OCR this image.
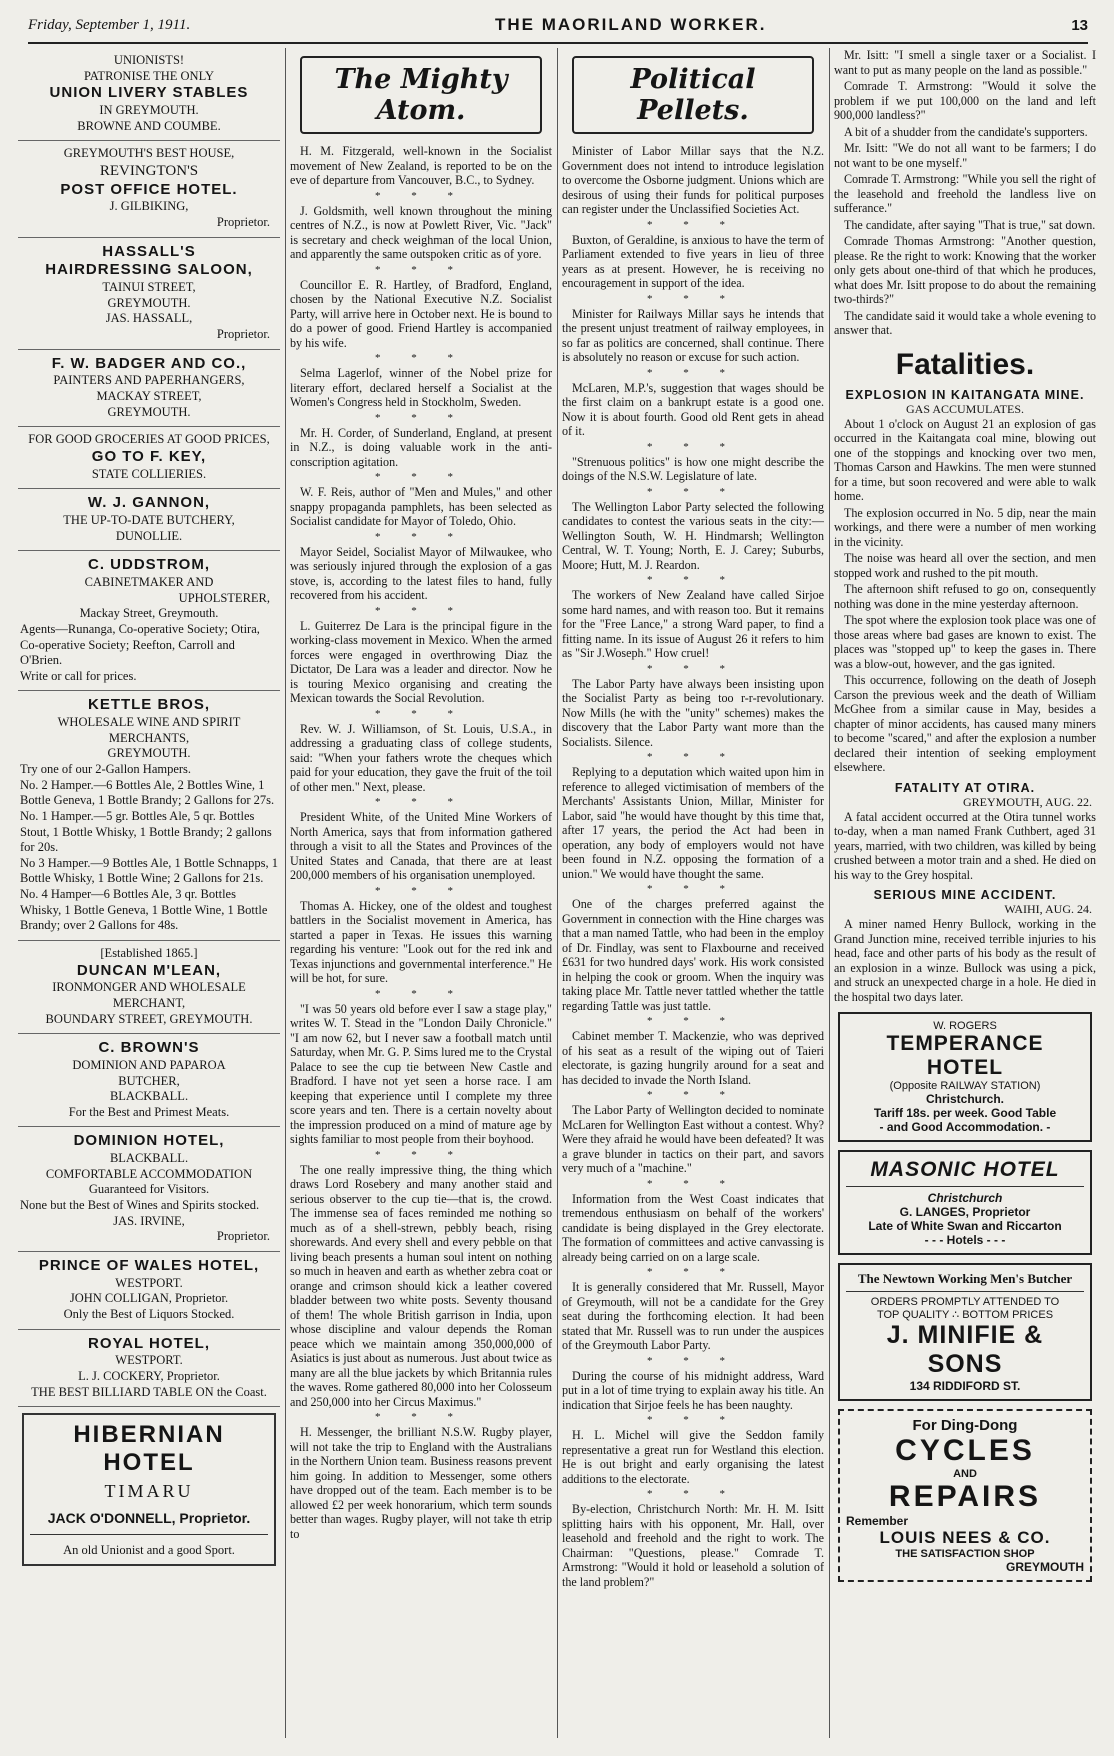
Friday, September 1, 1911.	THE MAORILAND WORKER.	13
UNIONISTS!
PATRONISE THE ONLY
UNION LIVERY STABLES
IN GREYMOUTH.
BROWNE AND COUMBE.
GREYMOUTH'S BEST HOUSE,
REVINGTON'S
POST OFFICE HOTEL.
J. GILBIKING,
Proprietor.
HASSALL'S
HAIRDRESSING SALOON,
TAINUI STREET,
GREYMOUTH.
JAS. HASSALL,
Proprietor.
F. W. BADGER AND CO.,
PAINTERS AND PAPERHANGERS,
MACKAY STREET,
GREYMOUTH.
FOR GOOD GROCERIES AT GOOD PRICES,
GO TO F. KEY,
STATE COLLIERIES.
W. J. GANNON,
THE UP-TO-DATE BUTCHERY,
DUNOLLIE.
C. UDDSTROM,
CABINETMAKER AND
UPHOLSTERER,
Mackay Street, Greymouth.
Agents—Runanga, Co-operative Society; Otira, Co-operative Society; Reefton, Carroll and O'Brien.
Write or call for prices.
KETTLE BROS,
WHOLESALE WINE AND SPIRIT MERCHANTS,
GREYMOUTH.
Try one of our 2-Gallon Hampers.
No. 2 Hamper.—6 Bottles Ale, 2 Bottles Wine, 1 Bottle Geneva, 1 Bottle Brandy; 2 Gallons for 27s.
No. 1 Hamper.—5 gr. Bottles Ale, 5 qr. Bottles Stout, 1 Bottle Whisky, 1 Bottle Brandy; 2 gallons for 20s.
No 3 Hamper.—9 Bottles Ale, 1 Bottle Schnapps, 1 Bottle Whisky, 1 Bottle Wine; 2 Gallons for 21s.
No. 4 Hamper—6 Bottles Ale, 3 qr. Bottles Whisky, 1 Bottle Geneva, 1 Bottle Wine, 1 Bottle Brandy; over 2 Gallons for 48s.
[Established 1865.]
DUNCAN M'LEAN,
IRONMONGER AND WHOLESALE MERCHANT,
BOUNDARY STREET, GREYMOUTH.
C. BROWN'S
DOMINION AND PAPAROA
BUTCHER,
BLACKBALL.
For the Best and Primest Meats.
DOMINION HOTEL,
BLACKBALL.
COMFORTABLE ACCOMMODATION
Guaranteed for Visitors.
None but the Best of Wines and Spirits stocked.
JAS. IRVINE,
Proprietor.
PRINCE OF WALES HOTEL,
WESTPORT.
JOHN COLLIGAN, Proprietor.
Only the Best of Liquors Stocked.
ROYAL HOTEL,
WESTPORT.
L. J. COCKERY, Proprietor.
THE BEST BILLIARD TABLE ON the Coast.
HIBERNIAN HOTEL
TIMARU
JACK O'DONNELL, Proprietor.
An old Unionist and a good Sport.
The Mighty Atom.

H. M. Fitzgerald, well-known in the Socialist movement of New Zealand, is reported to be on the eve of departure from Vancouver, B.C., to Sydney.

* * *

J. Goldsmith, well known throughout the mining centres of N.Z., is now at Powlett River, Vic. "Jack" is secretary and check weighman of the local Union, and apparently the same outspoken critic as of yore.

* * *

Councillor E. R. Hartley, of Bradford, England, chosen by the National Executive N.Z. Socialist Party, will arrive here in October next. He is bound to do a power of good. Friend Hartley is accompanied by his wife.

* * *

Selma Lagerlof, winner of the Nobel prize for literary effort, declared herself a Socialist at the Women's Congress held in Stockholm, Sweden.

* * *

Mr. H. Corder, of Sunderland, England, at present in N.Z., is doing valuable work in the anti-conscription agitation.

* * *

W. F. Reis, author of "Men and Mules," and other snappy propaganda pamphlets, has been selected as Socialist candidate for Mayor of Toledo, Ohio.

* * *

Mayor Seidel, Socialist Mayor of Milwaukee, who was seriously injured through the explosion of a gas stove, is, according to the latest files to hand, fully recovered from his accident.

* * *

L. Guiterrez De Lara is the principal figure in the working-class movement in Mexico. When the armed forces were engaged in overthrowing Diaz the Dictator, De Lara was a leader and director. Now he is touring Mexico organising and creating the Mexican towards the Social Revolution.

* * *

Rev. W. J. Williamson, of St. Louis, U.S.A., in addressing a graduating class of college students, said: "When your fathers wrote the cheques which paid for your education, they gave the fruit of the toil of other men." Next, please.

* * *

President White, of the United Mine Workers of North America, says that from information gathered through a visit to all the States and Provinces of the United States and Canada, that there are at least 200,000 members of his organisation unemployed.

* * *

Thomas A. Hickey, one of the oldest and toughest battlers in the Socialist movement in America, has started a paper in Texas. He issues this warning regarding his venture: "Look out for the red ink and Texas injunctions and governmental interference." He will be hot, for sure.

* * *

"I was 50 years old before ever I saw a stage play," writes W. T. Stead in the "London Daily Chronicle." "I am now 62, but I never saw a football match until Saturday, when Mr. G. P. Sims lured me to the Crystal Palace to see the cup tie between New Castle and Bradford. I have not yet seen a horse race. I am keeping that experience until I complete my three score years and ten. There is a certain novelty about the impression produced on a mind of mature age by sights familiar to most people from their boyhood.

* * *

The one really impressive thing, the thing which draws Lord Rosebery and many another staid and serious observer to the cup tie—that is, the crowd. The immense sea of faces reminded me nothing so much as of a shell-strewn, pebbly beach, rising shorewards. And every shell and every pebble on that living beach presents a human soul intent on nothing so much in heaven and earth as whether zebra coat or orange and crimson should kick a leather covered bladder between two white posts. Seventy thousand of them! The whole British garrison in India, upon whose discipline and valour depends the Roman peace which we maintain among 350,000,000 of Asiatics is just about as numerous. Just about twice as many are all the blue jackets by which Britannia rules the waves. Rome gathered 80,000 into her Colosseum and 250,000 into her Circus Maximus."

* * *

H. Messenger, the brilliant N.S.W. Rugby player, will not take the trip to England with the Australians in the Northern Union team. Business reasons prevent him going. In addition to Messenger, some others have dropped out of the team. Each member is to be allowed £2 per week honorarium, which term sounds better than wages. Rugby player, will not take th etrip to

Political Pellets.

Minister of Labor Millar says that the N.Z. Government does not intend to introduce legislation to overcome the Osborne judgment. Unions which are desirous of using their funds for political purposes can register under the Unclassified Societies Act.

* * *

Buxton, of Geraldine, is anxious to have the term of Parliament extended to five years in lieu of three years as at present. However, he is receiving no encouragement in support of the idea.

* * *

Minister for Railways Millar says he intends that the present unjust treatment of railway employees, in so far as politics are concerned, shall continue. There is absolutely no reason or excuse for such action.

* * *

McLaren, M.P.'s, suggestion that wages should be the first claim on a bankrupt estate is a good one. Now it is about fourth. Good old Rent gets in ahead of it.

* * *

"Strenuous politics" is how one might describe the doings of the N.S.W. Legislature of late.

* * *

The Wellington Labor Party selected the following candidates to contest the various seats in the city:—Wellington South, W. H. Hindmarsh; Wellington Central, W. T. Young; North, E. J. Carey; Suburbs, Moore; Hutt, M. J. Reardon.

* * *

The workers of New Zealand have called Sirjoe some hard names, and with reason too. But it remains for the "Free Lance," a strong Ward paper, to find a fitting name. In its issue of August 26 it refers to him as "Sir J.Woseph." How cruel!

* * *

The Labor Party have always been insisting upon the Socialist Party as being too r-r-revolutionary. Now Mills (he with the "unity" schemes) makes the discovery that the Labor Party want more than the Socialists. Silence.

* * *

Replying to a deputation which waited upon him in reference to alleged victimisation of members of the Merchants' Assistants Union, Millar, Minister for Labor, said "he would have thought by this time that, after 17 years, the period the Act had been in operation, any body of employers would not have been found in N.Z. opposing the formation of a union." We would have thought the same.

* * *

One of the charges preferred against the Government in connection with the Hine charges was that a man named Tattle, who had been in the employ of Dr. Findlay, was sent to Flaxbourne and received £631 for two hundred days' work. His work consisted in helping the cook or groom. When the inquiry was taking place Mr. Tattle never tattled whether the tattle regarding Tattle was just tattle.

* * *

Cabinet member T. Mackenzie, who was deprived of his seat as a result of the wiping out of Taieri electorate, is gazing hungrily around for a seat and has decided to invade the North Island.

* * *

The Labor Party of Wellington decided to nominate McLaren for Wellington East without a contest. Why? Were they afraid he would have been defeated? It was a grave blunder in tactics on their part, and savors very much of a "machine."

* * *

Information from the West Coast indicates that tremendous enthusiasm on behalf of the workers' candidate is being displayed in the Grey electorate. The formation of committees and active canvassing is already being carried on on a large scale.

* * *

It is generally considered that Mr. Russell, Mayor of Greymouth, will not be a candidate for the Grey seat during the forthcoming election. It had been stated that Mr. Russell was to run under the auspices of the Greymouth Labor Party.

* * *

During the course of his midnight address, Ward put in a lot of time trying to explain away his title. An indication that Sirjoe feels he has been naughty.

* * *

H. L. Michel will give the Seddon family representative a great run for Westland this election. He is out bright and early organising the latest additions to the electorate.

* * *

By-election, Christchurch North: Mr. H. M. Isitt splitting hairs with his opponent, Mr. Hall, over leasehold and freehold and the right to work. The Chairman: "Questions, please." Comrade T. Armstrong: "Would it hold or leasehold a solution of the land problem?"

Mr. Isitt: "I smell a single taxer or a Socialist. I want to put as many people on the land as possible."

Comrade T. Armstrong: "Would it solve the problem if we put 100,000 on the land and left 900,000 landless?"

A bit of a shudder from the candidate's supporters.

Mr. Isitt: "We do not all want to be farmers; I do not want to be one myself."

Comrade T. Armstrong: "While you sell the right of the leasehold and freehold the landless live on sufferance."

The candidate, after saying "That is true," sat down.

Comrade Thomas Armstrong: "Another question, please. Re the right to work: Knowing that the worker only gets about one-third of that which he produces, what does Mr. Isitt propose to do about the remaining two-thirds?"

The candidate said it would take a whole evening to answer that.

Fatalities.
EXPLOSION IN KAITANGATA MINE.
GAS ACCUMULATES.

About 1 o'clock on August 21 an explosion of gas occurred in the Kaitangata coal mine, blowing out one of the stoppings and knocking over two men, Thomas Carson and Hawkins. The men were stunned for a time, but soon recovered and were able to walk home.

The explosion occurred in No. 5 dip, near the main workings, and there were a number of men working in the vicinity.

The noise was heard all over the section, and men stopped work and rushed to the pit mouth.

The afternoon shift refused to go on, consequently nothing was done in the mine yesterday afternoon.

The spot where the explosion took place was one of those areas where bad gases are known to exist. The places was "stopped up" to keep the gases in. There was a blow-out, however, and the gas ignited.

This occurrence, following on the death of Joseph Carson the previous week and the death of William McGhee from a similar cause in May, besides a chapter of minor accidents, has caused many miners to become "scared," and after the explosion a number declared their intention of seeking employment elsewhere.

FATALITY AT OTIRA.
GREYMOUTH, AUG. 22.

A fatal accident occurred at the Otira tunnel works to-day, when a man named Frank Cuthbert, aged 31 years, married, with two children, was killed by being crushed between a motor train and a shed. He died on his way to the Grey hospital.

SERIOUS MINE ACCIDENT.
WAIHI, AUG. 24.

A miner named Henry Bullock, working in the Grand Junction mine, received terrible injuries to his head, face and other parts of his body as the result of an explosion in a winze. Bullock was using a pick, and struck an unexpected charge in a hole. He died in the hospital two days later.

W. ROGERS
TEMPERANCE HOTEL
(Opposite RAILWAY STATION)
Christchurch.
Tariff 18s. per week. Good Table
- and Good Accommodation. -
MASONIC HOTEL
Christchurch
G. LANGES, Proprietor
Late of White Swan and Riccarton
- - - Hotels - - -
The Newtown Working Men's Butcher
ORDERS PROMPTLY ATTENDED TO
TOP QUALITY ∴ BOTTOM PRICES
J. MINIFIE & SONS
134 RIDDIFORD ST.
For Ding-Dong
CYCLES
AND
REPAIRS
Remember
LOUIS NEES & CO.
THE SATISFACTION SHOP
GREYMOUTH
